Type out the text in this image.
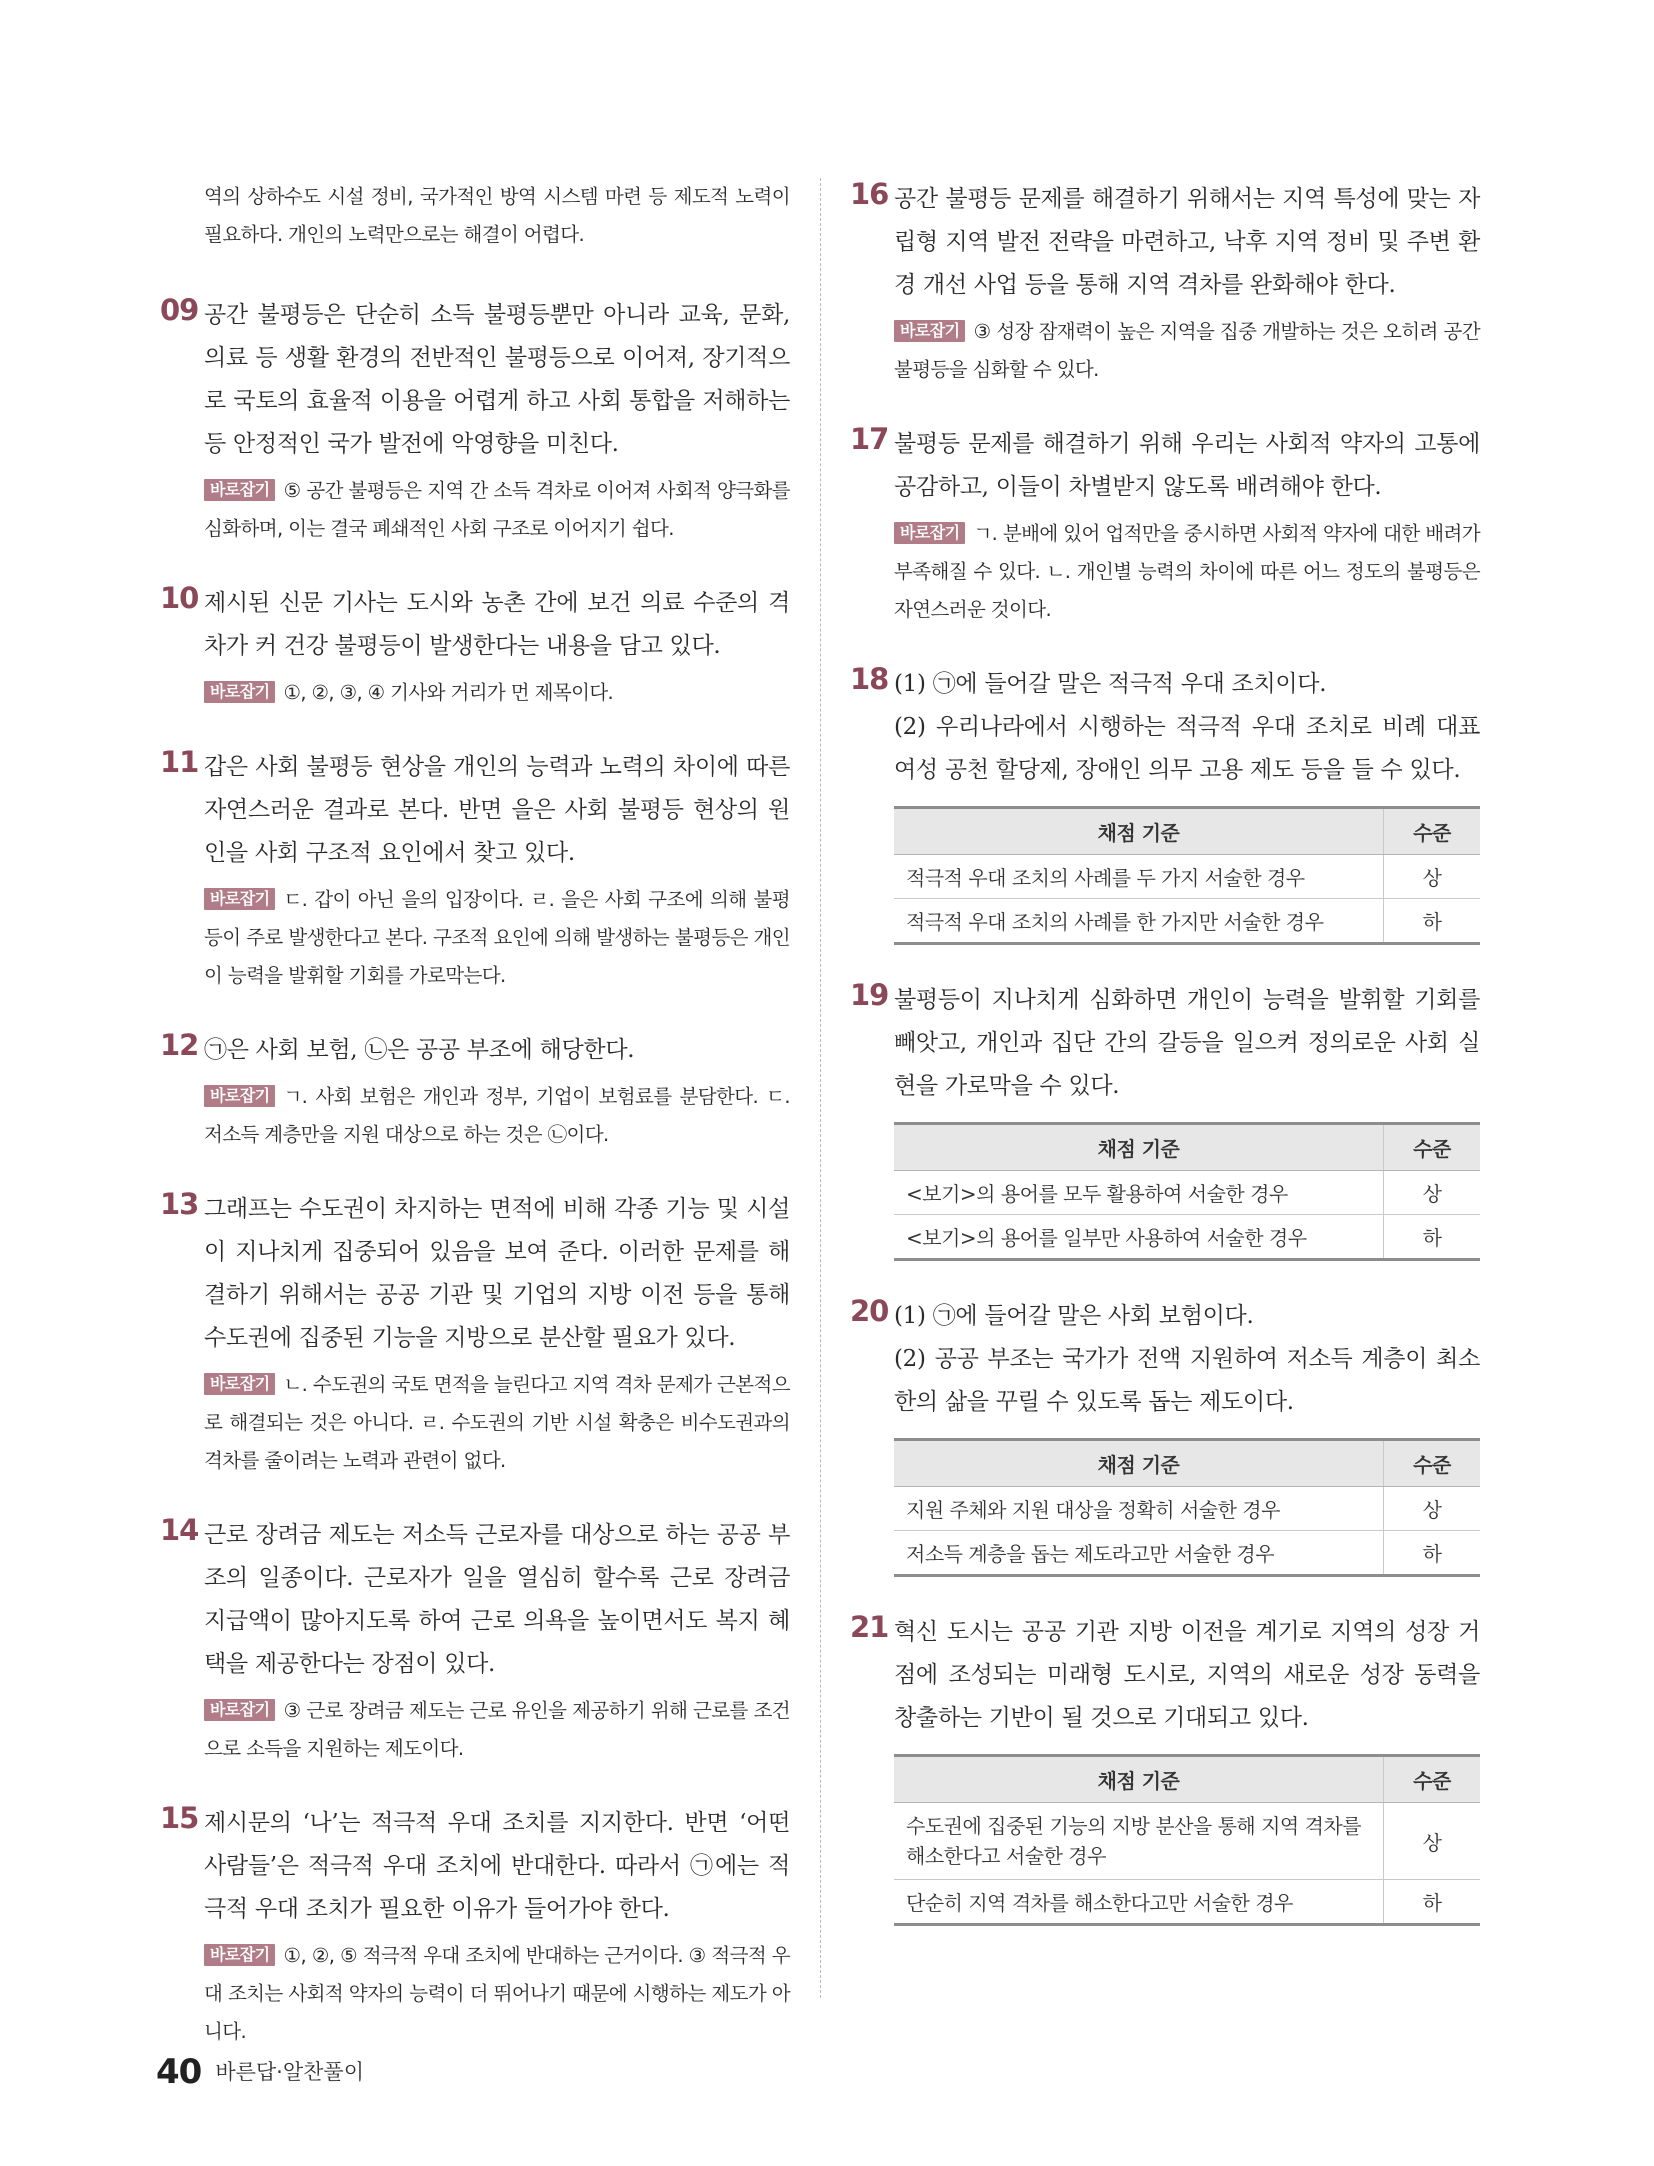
역의 상하수도 시설 정비, 국가적인 방역 시스템 마련 등 제도적 노력이 필요하다. 개인의 노력만으로는 해결이 어렵다.
09 공간 불평등은 단순히 소득 불평등뿐만 아니라 교육, 문화, 의료 등 생활 환경의 전반적인 불평등으로 이어져, 장기적으로 국토의 효율적 이용을 어렵게 하고 사회 통합을 저해하는 등 안정적인 국가 발전에 악영향을 미친다.
바로잡기 ⑤ 공간 불평등은 지역 간 소득 격차로 이어져 사회적 양극화를 심화하며, 이는 결국 폐쇄적인 사회 구조로 이어지기 쉽다.
10 제시된 신문 기사는 도시와 농촌 간에 보건 의료 수준의 격차가 커 건강 불평등이 발생한다는 내용을 담고 있다.
바로잡기 ①, ②, ③, ④ 기사와 거리가 먼 제목이다.
11 갑은 사회 불평등 현상을 개인의 능력과 노력의 차이에 따른 자연스러운 결과로 본다. 반면 을은 사회 불평등 현상의 원인을 사회 구조적 요인에서 찾고 있다.
바로잡기 ㄷ. 갑이 아닌 을의 입장이다. ㄹ. 을은 사회 구조에 의해 불평등이 주로 발생한다고 본다. 구조적 요인에 의해 발생하는 불평등은 개인이 능력을 발휘할 기회를 가로막는다.
12 ㉠은 사회 보험, ㉡은 공공 부조에 해당한다.
바로잡기 ㄱ. 사회 보험은 개인과 정부, 기업이 보험료를 분담한다. ㄷ. 저소득 계층만을 지원 대상으로 하는 것은 ㉡이다.
13 그래프는 수도권이 차지하는 면적에 비해 각종 기능 및 시설이 지나치게 집중되어 있음을 보여 준다. 이러한 문제를 해결하기 위해서는 공공 기관 및 기업의 지방 이전 등을 통해 수도권에 집중된 기능을 지방으로 분산할 필요가 있다.
바로잡기 ㄴ. 수도권의 국토 면적을 늘린다고 지역 격차 문제가 근본적으로 해결되는 것은 아니다. ㄹ. 수도권의 기반 시설 확충은 비수도권과의 격차를 줄이려는 노력과 관련이 없다.
14 근로 장려금 제도는 저소득 근로자를 대상으로 하는 공공 부조의 일종이다. 근로자가 일을 열심히 할수록 근로 장려금 지급액이 많아지도록 하여 근로 의욕을 높이면서도 복지 혜택을 제공한다는 장점이 있다.
바로잡기 ③ 근로 장려금 제도는 근로 유인을 제공하기 위해 근로를 조건으로 소득을 지원하는 제도이다.
15 제시문의 ‘나’는 적극적 우대 조치를 지지한다. 반면 ‘어떤 사람들’은 적극적 우대 조치에 반대한다. 따라서 ㉠에는 적극적 우대 조치가 필요한 이유가 들어가야 한다.
바로잡기 ①, ②, ⑤ 적극적 우대 조치에 반대하는 근거이다. ③ 적극적 우대 조치는 사회적 약자의 능력이 더 뛰어나기 때문에 시행하는 제도가 아니다.
16 공간 불평등 문제를 해결하기 위해서는 지역 특성에 맞는 자립형 지역 발전 전략을 마련하고, 낙후 지역 정비 및 주변 환경 개선 사업 등을 통해 지역 격차를 완화해야 한다.
바로잡기 ③ 성장 잠재력이 높은 지역을 집중 개발하는 것은 오히려 공간 불평등을 심화할 수 있다.
17 불평등 문제를 해결하기 위해 우리는 사회적 약자의 고통에 공감하고, 이들이 차별받지 않도록 배려해야 한다.
바로잡기 ㄱ. 분배에 있어 업적만을 중시하면 사회적 약자에 대한 배려가 부족해질 수 있다. ㄴ. 개인별 능력의 차이에 따른 어느 정도의 불평등은 자연스러운 것이다.
18 (1) ㉠에 들어갈 말은 적극적 우대 조치이다.

(2) 우리나라에서 시행하는 적극적 우대 조치로 비례 대표 여성 공천 할당제, 장애인 의무 고용 제도 등을 들 수 있다.

채점 기준	수준
적극적 우대 조치의 사례를 두 가지 서술한 경우	상
적극적 우대 조치의 사례를 한 가지만 서술한 경우	하
19 불평등이 지나치게 심화하면 개인이 능력을 발휘할 기회를 빼앗고, 개인과 집단 간의 갈등을 일으켜 정의로운 사회 실현을 가로막을 수 있다.
채점 기준	수준
<보기>의 용어를 모두 활용하여 서술한 경우	상
<보기>의 용어를 일부만 사용하여 서술한 경우	하
20 (1) ㉠에 들어갈 말은 사회 보험이다.

(2) 공공 부조는 국가가 전액 지원하여 저소득 계층이 최소한의 삶을 꾸릴 수 있도록 돕는 제도이다.

채점 기준	수준
지원 주체와 지원 대상을 정확히 서술한 경우	상
저소득 계층을 돕는 제도라고만 서술한 경우	하
21 혁신 도시는 공공 기관 지방 이전을 계기로 지역의 성장 거점에 조성되는 미래형 도시로, 지역의 새로운 성장 동력을 창출하는 기반이 될 것으로 기대되고 있다.
채점 기준	수준
수도권에 집중된 기능의 지방 분산을 통해 지역 격차를 해소한다고 서술한 경우	상
단순히 지역 격차를 해소한다고만 서술한 경우	하
40 바른답·알찬풀이
